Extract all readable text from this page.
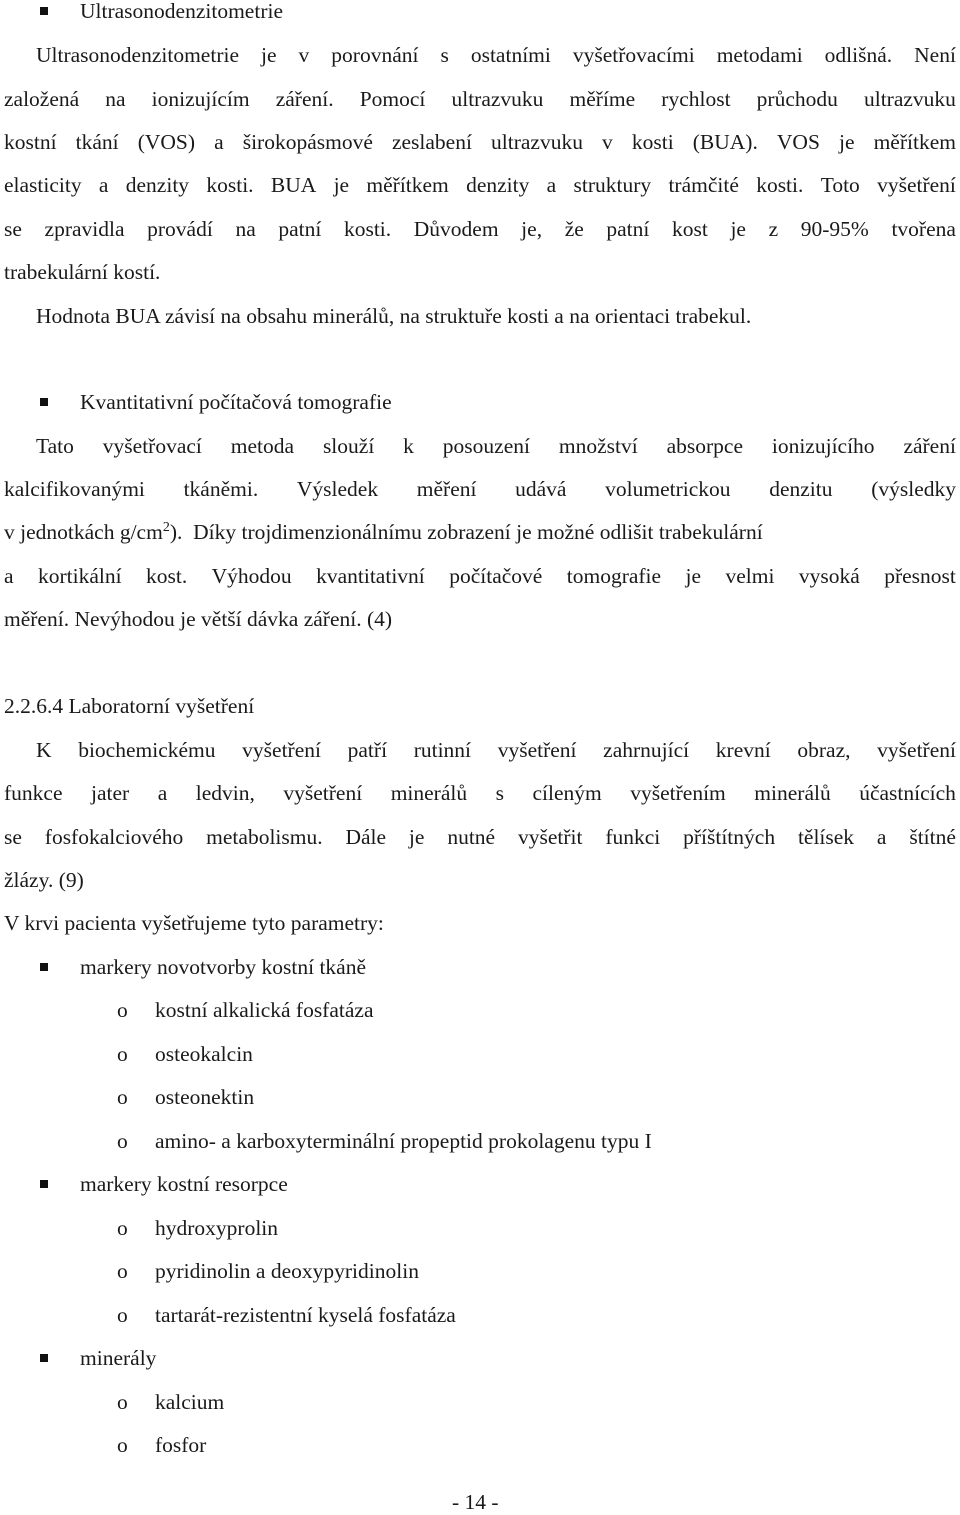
Ultrasonodenzitometrie
Ultrasonodenzitometrie je v porovnání s ostatními vyšetřovacími metodami odlišná. Není
založená na ionizujícím záření. Pomocí ultrazvuku měříme rychlost průchodu ultrazvuku
kostní tkání (VOS) a širokopásmové zeslabení ultrazvuku v kosti (BUA). VOS je měřítkem
elasticity a denzity kosti. BUA je měřítkem denzity a struktury trámčité kosti. Toto vyšetření
se zpravidla provádí na patní kosti. Důvodem je, že patní kost je z 90-95% tvořena
trabekulární kostí.
Hodnota BUA závisí na obsahu minerálů, na struktuře kosti a na orientaci trabekul.
Kvantitativní počítačová tomografie
Tato vyšetřovací metoda slouží k posouzení množství absorpce ionizujícího záření
kalcifikovanými tkáněmi. Výsledek měření udává volumetrickou denzitu (výsledky
v jednotkách $g/cm^2$).  Díky trojdimenzionálnímu zobrazení je možné odlišit trabekulární
a kortikální kost. Výhodou kvantitativní počítačové tomografie je velmi vysoká přesnost
měření. Nevýhodou je větší dávka záření. (4)
2.2.6.4 Laboratorní vyšetření
K biochemickému vyšetření patří rutinní vyšetření zahrnující krevní obraz, vyšetření
funkce jater a ledvin, vyšetření minerálů s cíleným vyšetřením minerálů účastnících
se fosfokalciového metabolismu. Dále je nutné vyšetřit funkci příštítných tělísek a štítné
žlázy. (9)
V krvi pacienta vyšetřujeme tyto parametry:
markery novotvorby kostní tkáně
o kostní alkalická fosfatáza
o osteokalcin
o osteonektin
o amino- a karboxyterminální propeptid prokolagenu typu I
markery kostní resorpce
o hydroxyprolin
o pyridinolin a deoxypyridinolin
o tartarát-rezistentní kyselá fosfatáza
minerály
o kalcium
o fosfor
- 14 -
